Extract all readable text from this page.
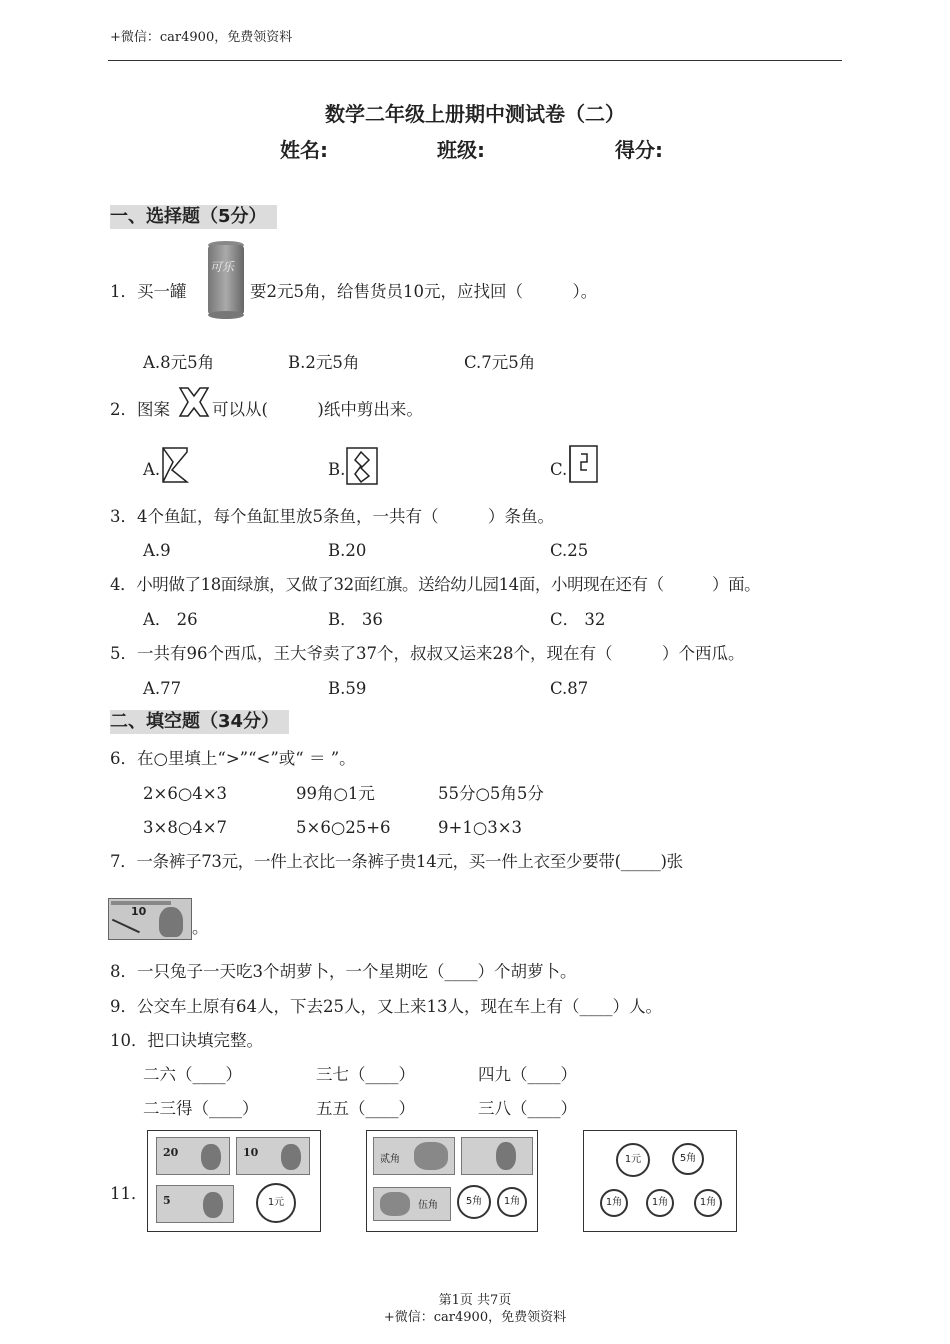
+微信：car4900，免费领资料
数学二年级上册期中测试卷（二）
姓名:	班级:	得分:
一、选择题（5分）
1．买一罐
可乐
要2元5角，给售货员10元，应找回（　　　）。
A.8元5角	B.2元5角	C.7元5角
2．图案	可以从(　　　)纸中剪出来。
A.	B.	C.
3．4个鱼缸，每个鱼缸里放5条鱼，一共有（　　　）条鱼。
A.9	B.20	C.25
4．小明做了18面绿旗，又做了32面红旗。送给幼儿园14面，小明现在还有（　　　）面。
A． 26	B． 36	C． 32
5．一共有96个西瓜，王大爷卖了37个，叔叔又运来28个，现在有（　　　）个西瓜。
A.77	B.59	C.87
二、填空题（34分）
6．在○里填上“>”“<”或“ ＝ ”。
2×6○4×3	99角○1元	55分○5角5分
3×8○4×7	5×6○25+6	9+1○3×3
7．一条裤子73元，一件上衣比一条裤子贵14元，买一件上衣至少要带(_____)张
10
。
8．一只兔子一天吃3个胡萝卜，一个星期吃（____）个胡萝卜。
9．公交车上原有64人，下去25人，又上来13人，现在车上有（____）人。
10．把口诀填完整。
二六（____）	三七（____）	四九（____）
二三得（____）	五五（____）	三八（____）
11．
20	10
5	1元
贰角
伍角	5角	1角
1元	5角
1角	1角	1角
第1页 共7页
+微信：car4900，免费领资料
